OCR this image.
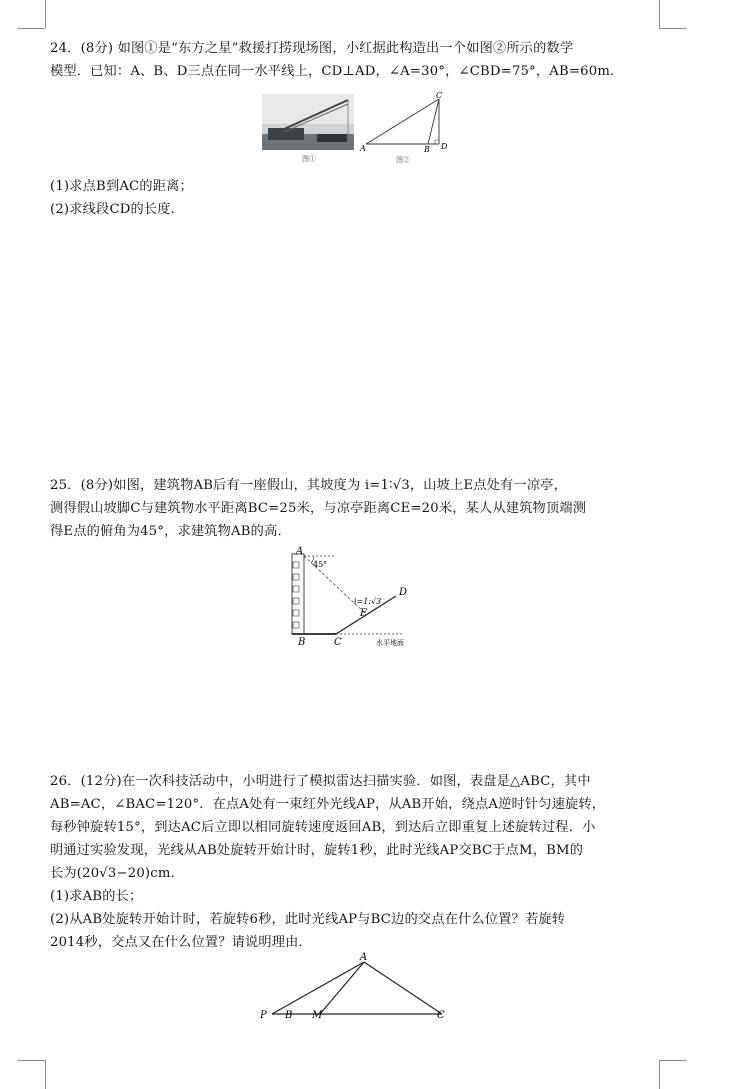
24．(8分) 如图①是“东方之星”救援打捞现场图，小红据此构造出一个如图②所示的数学
模型．已知：A、B、D三点在同一水平线上，CD⊥AD，∠A=30°，∠CBD=75°，AB=60m.
图①
A	B
C
D
图②
(1)求点B到AC的距离；
(2)求线段CD的长度.
25．(8分)如图，建筑物AB后有一座假山，其坡度为 i=1∶√3，山坡上E点处有一凉亭，
测得假山坡脚C与建筑物水平距离BC=25米，与凉亭距离CE=20米，某人从建筑物顶端测
得E点的俯角为45°，求建筑物AB的高．
A
45°
B	C
D
E
i=1:√3
水平地面
26．(12分)在一次科技活动中，小明进行了模拟雷达扫描实验．如图，表盘是△ABC，其中
AB=AC，∠BAC=120°．在点A处有一束红外光线AP，从AB开始，绕点A逆时针匀速旋转，
每秒钟旋转15°，到达AC后立即以相同旋转速度返回AB，到达后立即重复上述旋转过程．小
明通过实验发现，光线从AB处旋转开始计时，旋转1秒，此时光线AP交BC于点M，BM的
长为(20√3−20)cm.
(1)求AB的长；
(2)从AB处旋转开始计时，若旋转6秒，此时光线AP与BC边的交点在什么位置？若旋转
2014秒，交点又在什么位置？请说明理由．
A
P B M	C
